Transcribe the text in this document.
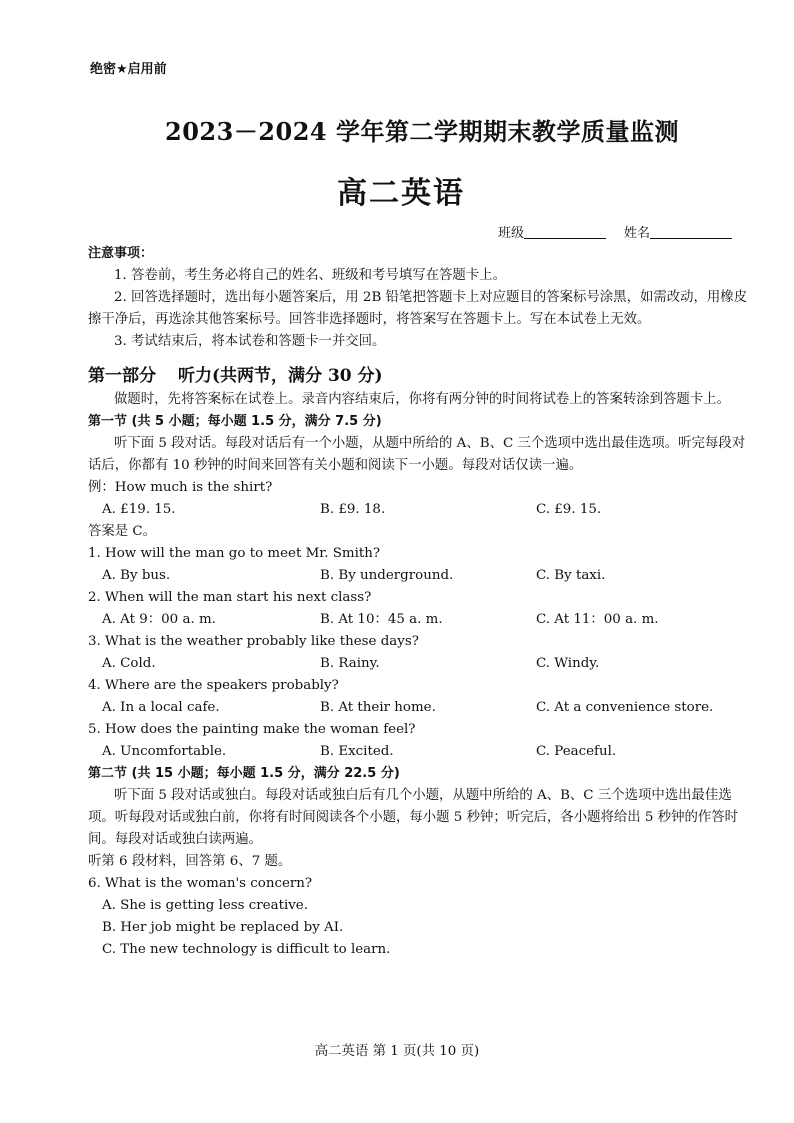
绝密★启用前
2023－2024 学年第二学期期末教学质量监测
高二英语
班级	姓名

注意事项：

1. 答卷前，考生务必将自己的姓名、班级和考号填写在答题卡上。

2. 回答选择题时，选出每小题答案后，用 2B 铅笔把答题卡上对应题目的答案标号涂黑，如需改动，用橡皮擦干净后，再选涂其他答案标号。回答非选择题时，将答案写在答题卡上。写在本试卷上无效。

3. 考试结束后，将本试卷和答题卡一并交回。

第一部分 听力(共两节，满分 30 分)

做题时，先将答案标在试卷上。录音内容结束后，你将有两分钟的时间将试卷上的答案转涂到答题卡上。

第一节 (共 5 小题；每小题 1.5 分，满分 7.5 分)

听下面 5 段对话。每段对话后有一个小题，从题中所给的 A、B、C 三个选项中选出最佳选项。听完每段对话后，你都有 10 秒钟的时间来回答有关小题和阅读下一小题。每段对话仅读一遍。

例：How much is the shirt?

A. £19. 15.	B. £9. 18.	C. £9. 15.

答案是 C。

1. How will the man go to meet Mr. Smith?

A. By bus.	B. By underground.	C. By taxi.

2. When will the man start his next class?

A. At 9：00 a. m.	B. At 10：45 a. m.	C. At 11：00 a. m.

3. What is the weather probably like these days?

A. Cold.	B. Rainy.	C. Windy.

4. Where are the speakers probably?

A. In a local cafe.	B. At their home.	C. At a convenience store.

5. How does the painting make the woman feel?

A. Uncomfortable.	B. Excited.	C. Peaceful.

第二节 (共 15 小题；每小题 1.5 分，满分 22.5 分)

听下面 5 段对话或独白。每段对话或独白后有几个小题，从题中所给的 A、B、C 三个选项中选出最佳选项。听每段对话或独白前，你将有时间阅读各个小题，每小题 5 秒钟；听完后，各小题将给出 5 秒钟的作答时间。每段对话或独白读两遍。

听第 6 段材料，回答第 6、7 题。

6. What is the woman's concern?

A. She is getting less creative.

B. Her job might be replaced by AI.

C. The new technology is difficult to learn.

高二英语 第 1 页(共 10 页)
